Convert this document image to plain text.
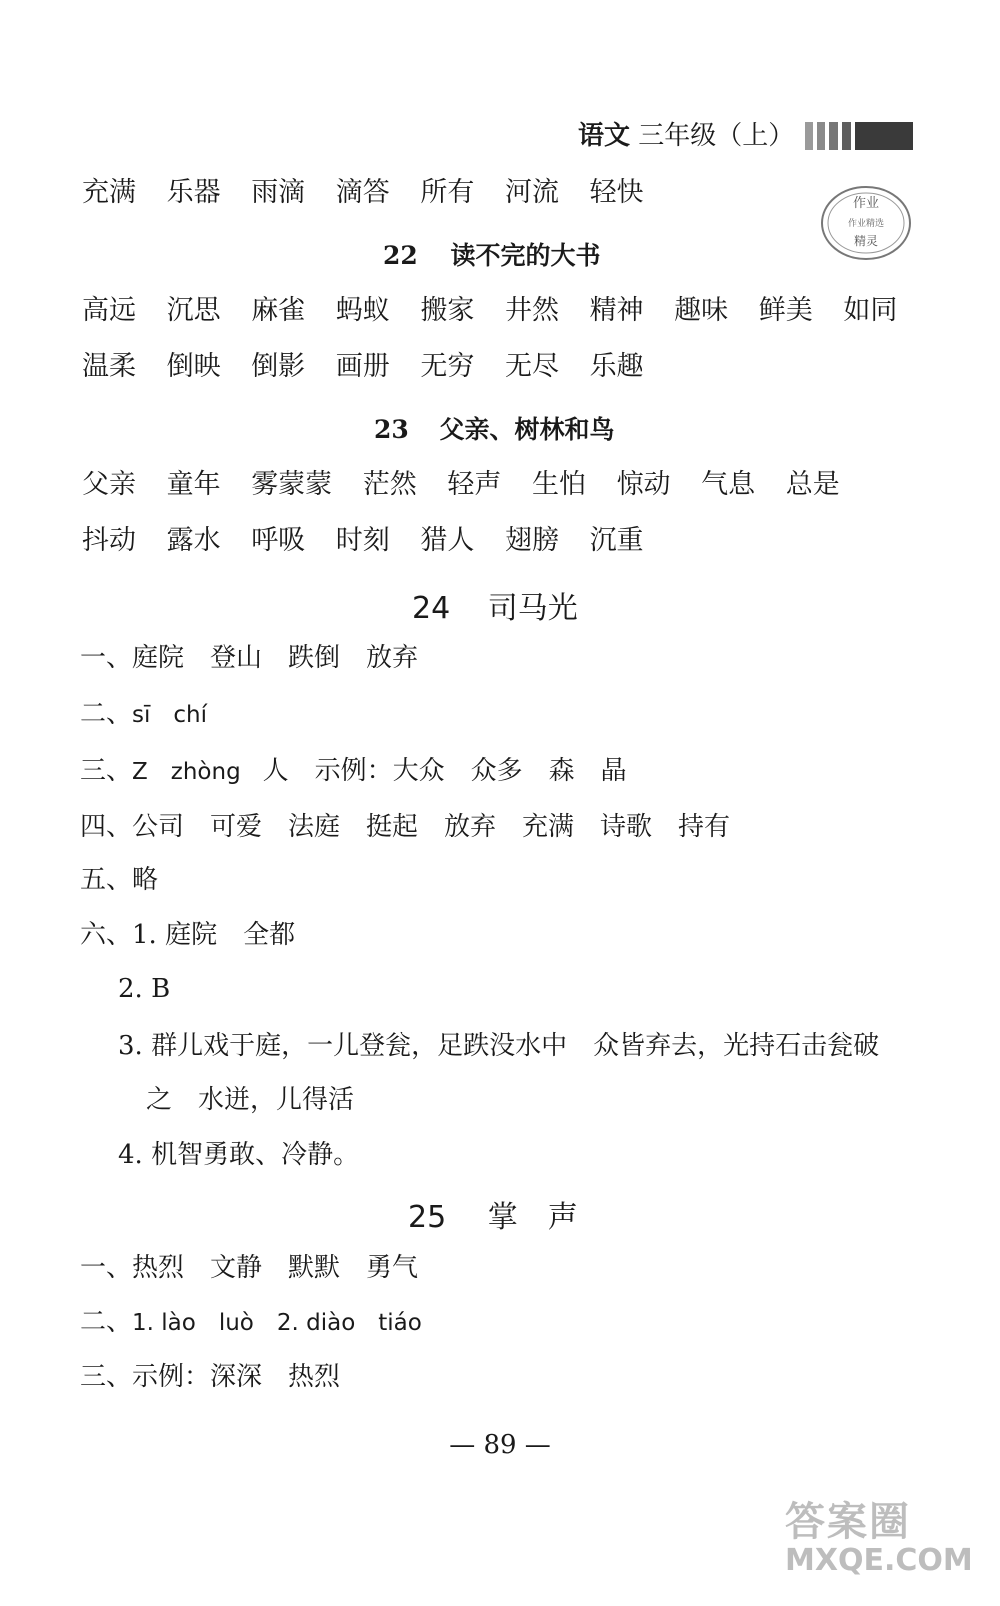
语文 三年级（上）
作业
作业精选
精灵
充满 乐器 雨滴 滴答 所有 河流 轻快
22 读不完的大书
高远 沉思 麻雀 蚂蚁 搬家 井然 精神 趣味 鲜美 如同
温柔 倒映 倒影 画册 无穷 无尽 乐趣
23 父亲、树林和鸟
父亲 童年 雾蒙蒙 茫然 轻声 生怕 惊动 气息 总是
抖动 露水 呼吸 时刻 猎人 翅膀 沉重
24 司马光
一、庭院　登山　跌倒　放弃
二、sī　chí
三、Z　zhòng 人　示例：大众　众多　森　晶
四、公司　可爱　法庭　挺起　放弃　充满　诗歌　持有
五、略
六、1. 庭院　全都
2. B
3. 群儿戏于庭，一儿登瓮，足跌没水中　众皆弃去，光持石击瓮破
之　水迸，儿得活
4. 机智勇敢、冷静。
25 掌　声
一、热烈　文静　默默　勇气
二、1. lào　luò　2. diào　tiáo
三、示例：深深　热烈
— 89 —
答案圈
MXQE.COM
